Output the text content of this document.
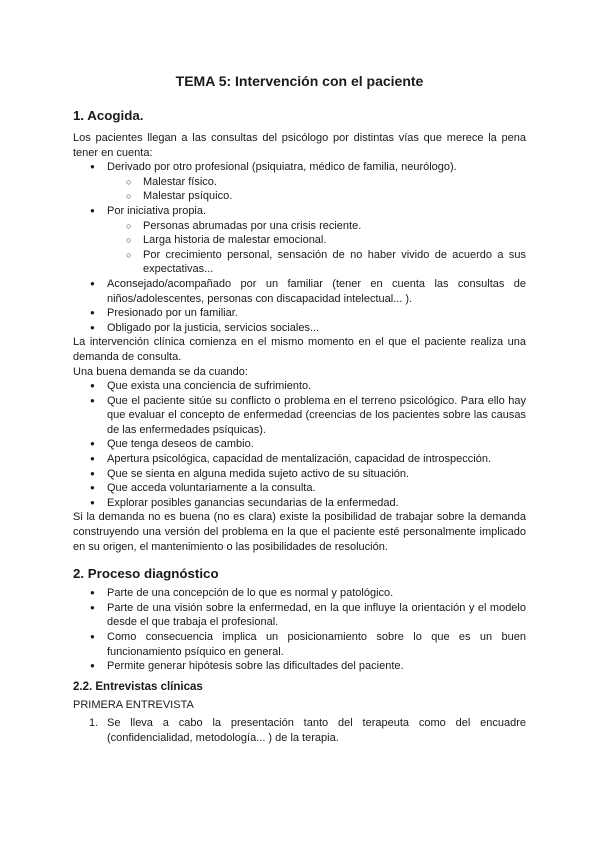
TEMA 5: Intervención con el paciente
1. Acogida.

Los pacientes llegan a las consultas del psicólogo por distintas vías que merece la pena tener en cuenta:

● Derivado por otro profesional (psiquiatra, médico de familia, neurólogo).
○ Malestar físico.
○ Malestar psíquico.
● Por iniciativa propia.
○ Personas abrumadas por una crisis reciente.
○ Larga historia de malestar emocional.
○ Por crecimiento personal, sensación de no haber vivido de acuerdo a sus expectativas...
● Aconsejado/acompañado por un familiar (tener en cuenta las consultas de niños/adolescentes, personas con discapacidad intelectual... ).
● Presionado por un familiar.
● Obligado por la justicia, servicios sociales...

La intervención clínica comienza en el mismo momento en el que el paciente realiza una demanda de consulta.

Una buena demanda se da cuando:

● Que exista una conciencia de sufrimiento.
● Que el paciente sitúe su conflicto o problema en el terreno psicológico. Para ello hay que evaluar el concepto de enfermedad (creencias de los pacientes sobre las causas de las enfermedades psíquicas).
● Que tenga deseos de cambio.
● Apertura psicológica, capacidad de mentalización, capacidad de introspección.
● Que se sienta en alguna medida sujeto activo de su situación.
● Que acceda voluntariamente a la consulta.
● Explorar posibles ganancias secundarias de la enfermedad.

Si la demanda no es buena (no es clara) existe la posibilidad de trabajar sobre la demanda construyendo una versión del problema en la que el paciente esté personalmente implicado en su origen, el mantenimiento o las posibilidades de resolución.

2. Proceso diagnóstico
● Parte de una concepción de lo que es normal y patológico.
● Parte de una visión sobre la enfermedad, en la que influye la orientación y el modelo desde el que trabaja el profesional.
● Como consecuencia implica un posicionamiento sobre lo que es un buen funcionamiento psíquico en general.
● Permite generar hipótesis sobre las dificultades del paciente.
2.2. Entrevistas clínicas
PRIMERA ENTREVISTA
1. Se lleva a cabo la presentación tanto del terapeuta como del encuadre (confidencialidad, metodología... ) de la terapia.
